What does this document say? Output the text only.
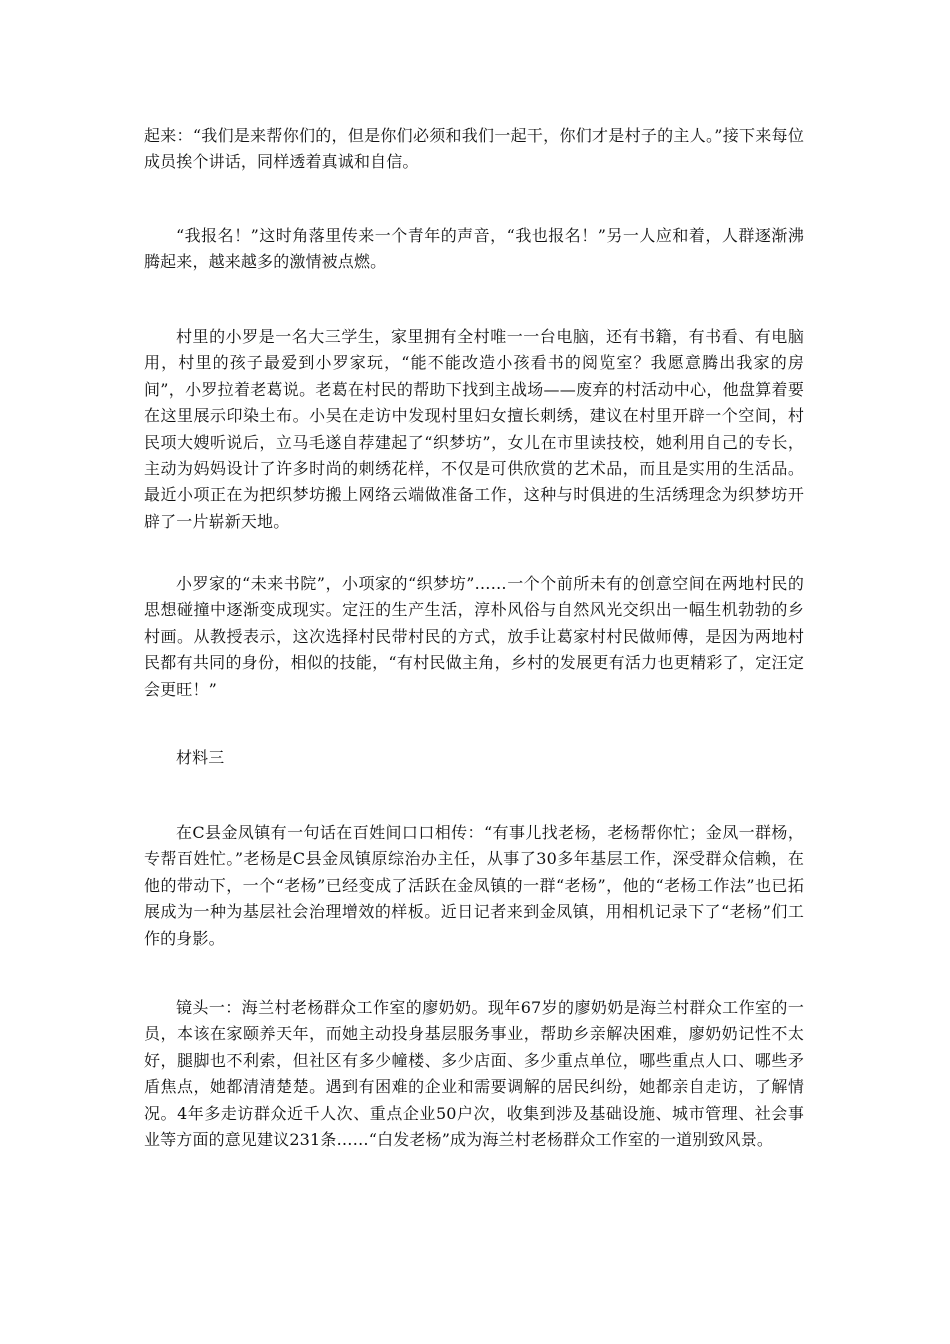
起来：“我们是来帮你们的，但是你们必须和我们一起干，你们才是村子的主人。”接下来每位成员挨个讲话，同样透着真诚和自信。

“我报名！”这时角落里传来一个青年的声音，“我也报名！”另一人应和着，人群逐渐沸腾起来，越来越多的激情被点燃。

村里的小罗是一名大三学生，家里拥有全村唯一一台电脑，还有书籍，有书看、有电脑用，村里的孩子最爱到小罗家玩，“能不能改造小孩看书的阅览室？我愿意腾出我家的房间”，小罗拉着老葛说。老葛在村民的帮助下找到主战场——废弃的村活动中心，他盘算着要在这里展示印染土布。小吴在走访中发现村里妇女擅长刺绣，建议在村里开辟一个空间，村民项大嫂听说后，立马毛遂自荐建起了“织梦坊”，女儿在市里读技校，她利用自己的专长，主动为妈妈设计了许多时尚的刺绣花样，不仅是可供欣赏的艺术品，而且是实用的生活品。最近小项正在为把织梦坊搬上网络云端做准备工作，这种与时俱进的生活绣理念为织梦坊开辟了一片崭新天地。

小罗家的“未来书院”，小项家的“织梦坊”……一个个前所未有的创意空间在两地村民的思想碰撞中逐渐变成现实。定汪的生产生活，淳朴风俗与自然风光交织出一幅生机勃勃的乡村画。从教授表示，这次选择村民带村民的方式，放手让葛家村村民做师傅，是因为两地村民都有共同的身份，相似的技能，“有村民做主角，乡村的发展更有活力也更精彩了，定汪定会更旺！”

材料三

在C县金凤镇有一句话在百姓间口口相传：“有事儿找老杨，老杨帮你忙；金凤一群杨，专帮百姓忙。”老杨是C县金凤镇原综治办主任，从事了30多年基层工作，深受群众信赖，在他的带动下，一个“老杨”已经变成了活跃在金凤镇的一群“老杨”，他的“老杨工作法”也已拓展成为一种为基层社会治理增效的样板。近日记者来到金凤镇，用相机记录下了“老杨”们工作的身影。

镜头一：海兰村老杨群众工作室的廖奶奶。现年67岁的廖奶奶是海兰村群众工作室的一员，本该在家颐养天年，而她主动投身基层服务事业，帮助乡亲解决困难，廖奶奶记性不太好，腿脚也不利索，但社区有多少幢楼、多少店面、多少重点单位，哪些重点人口、哪些矛盾焦点，她都清清楚楚。遇到有困难的企业和需要调解的居民纠纷，她都亲自走访，了解情况。4年多走访群众近千人次、重点企业50户次，收集到涉及基础设施、城市管理、社会事业等方面的意见建议231条……“白发老杨”成为海兰村老杨群众工作室的一道别致风景。
